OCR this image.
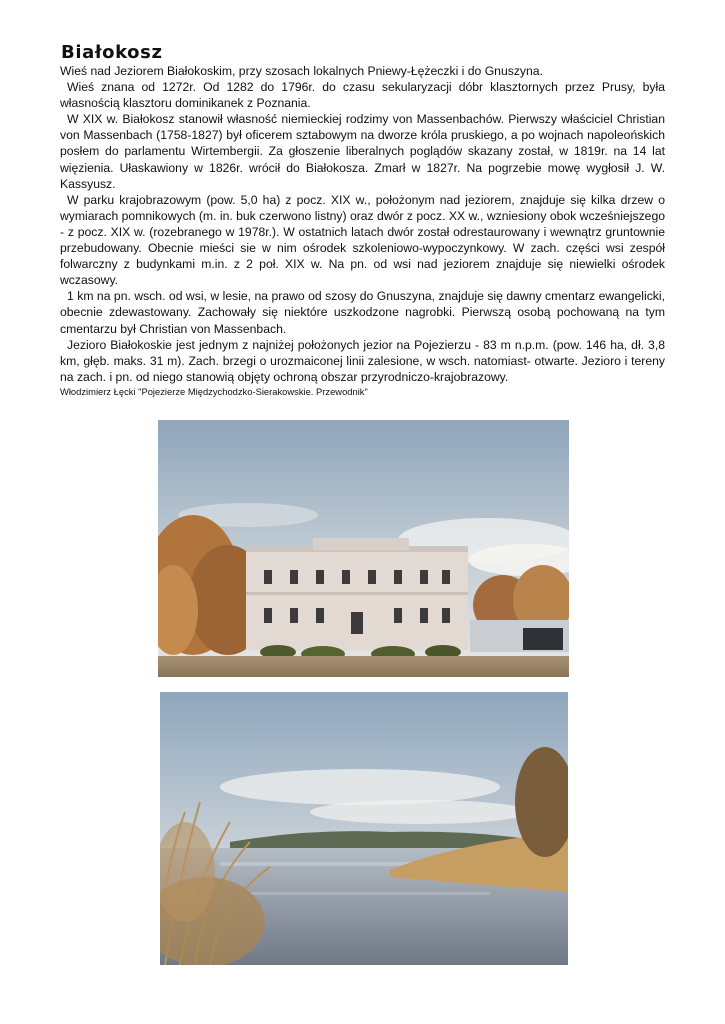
Białokosz

Wieś nad Jeziorem Białokoskim, przy szosach lokalnych Pniewy-Łężeczki i do Gnuszyna.

Wieś znana od 1272r. Od 1282 do 1796r. do czasu sekularyzacji dóbr klasztornych przez Prusy, była własnością klasztoru dominikanek z Poznania.

W XIX w. Białokosz stanowił własność niemieckiej rodzimy von Massenbachów. Pierwszy właściciel Christian von Massenbach (1758-1827) był oficerem sztabowym na dworze króla pruskiego, a po wojnach napoleońskich posłem do parlamentu Wirtembergii. Za głoszenie liberalnych poglądów skazany został, w 1819r. na 14 lat więzienia. Ułaskawiony w 1826r. wrócił do Białokosza. Zmarł w 1827r. Na pogrzebie mowę wygłosił J. W. Kassyusz.

W parku krajobrazowym (pow. 5,0 ha) z pocz. XIX w., położonym nad jeziorem, znajduje się kilka drzew o wymiarach pomnikowych (m. in. buk czerwono listny) oraz dwór z pocz. XX w., wzniesiony obok wcześniejszego - z pocz. XIX w. (rozebranego w 1978r.). W ostatnich latach dwór został odrestaurowany i wewnątrz gruntownie przebudowany. Obecnie mieści sie w nim ośrodek szkoleniowo-wypoczynkowy. W zach. części wsi zespół folwarczny z budynkami m.in. z 2 poł. XIX w. Na pn. od wsi nad jeziorem znajduje się niewielki ośrodek wczasowy.

1 km na pn. wsch. od wsi, w lesie, na prawo od szosy do Gnuszyna, znajduje się dawny cmentarz ewangelicki, obecnie zdewastowany. Zachowały się niektóre uszkodzone nagrobki. Pierwszą osobą pochowaną na tym cmentarzu był Christian von Massenbach.

Jezioro Białokoskie jest jednym z najniżej położonych jezior na Pojezierzu - 83 m n.p.m. (pow. 146 ha, dł. 3,8 km, głęb. maks. 31 m). Zach. brzegi o urozmaiconej linii zalesione, w wsch. natomiast- otwarte. Jezioro i tereny na zach. i pn. od niego stanowią objęty ochroną obszar przyrodniczo-krajobrazowy.

Włodzimierz Łęcki "Pojezierze Międzychodzko-Sierakowskie. Przewodnik"
